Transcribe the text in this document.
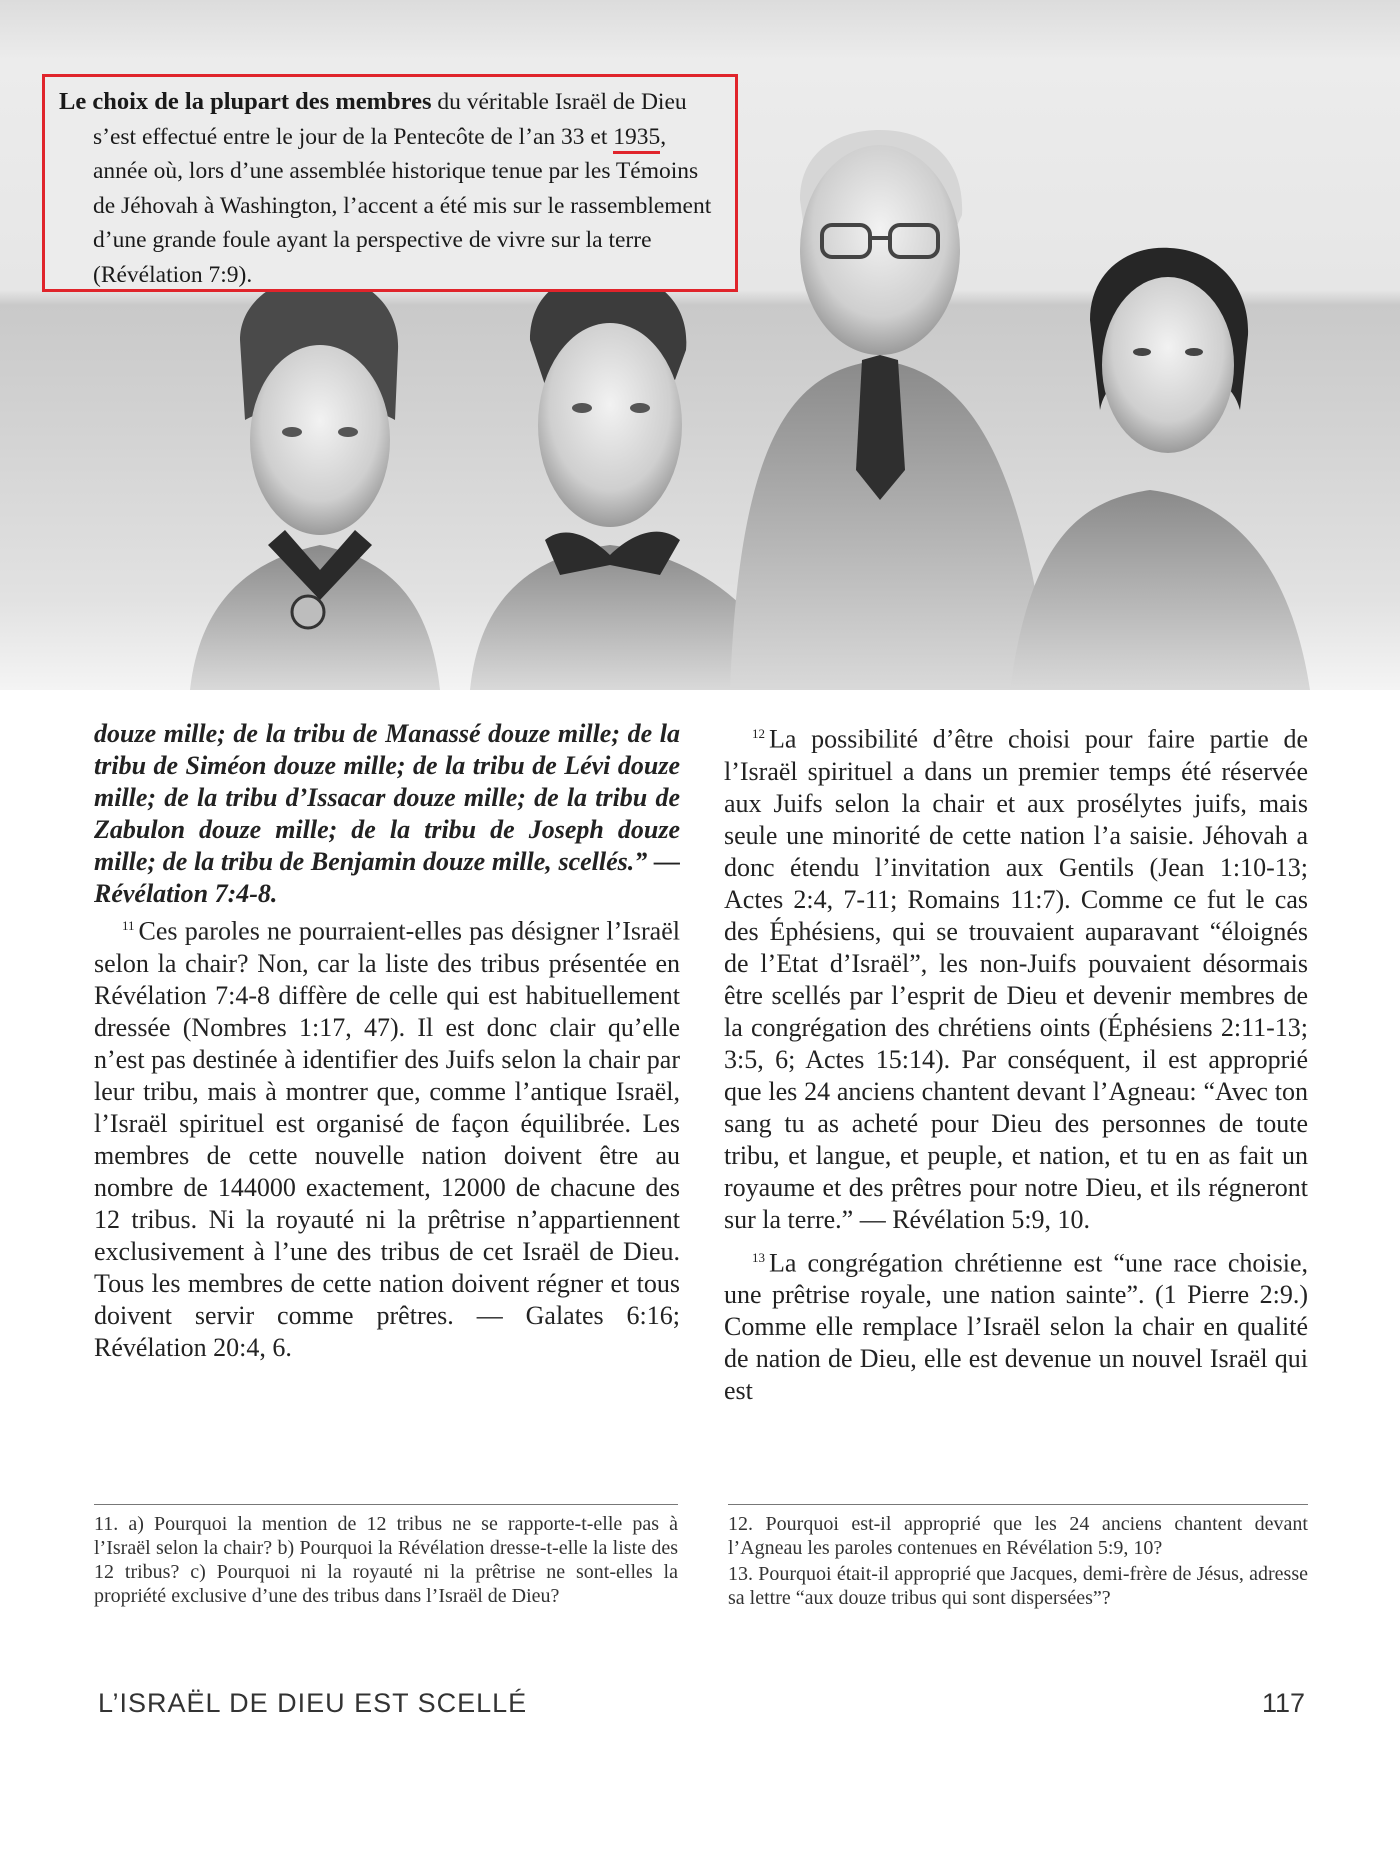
Le choix de la plupart des membres du véritable Israël de Dieu s’est effectué entre le jour de la Pentecôte de l’an 33 et 1935, année où, lors d’une assemblée historique tenue par les Témoins de Jéhovah à Washington, l’accent a été mis sur le rassemblement d’une grande foule ayant la perspective de vivre sur la terre (Révélation 7:9).

douze mille; de la tribu de Manassé douze mille; de la tribu de Siméon douze mille; de la tribu de Lévi douze mille; de la tribu d’Issacar douze mille; de la tribu de Zabulon douze mille; de la tribu de Joseph douze mille; de la tribu de Benjamin douze mille, scellés.” — Révélation 7:4-8.

$^{11}$ Ces paroles ne pourraient-elles pas désigner l’Israël selon la chair? Non, car la liste des tribus présentée en Révélation 7:4-8 diffère de celle qui est habituellement dressée (Nombres 1:17, 47). Il est donc clair qu’elle n’est pas destinée à identifier des Juifs selon la chair par leur tribu, mais à montrer que, comme l’antique Israël, l’Israël spirituel est organisé de façon équilibrée. Les membres de cette nouvelle nation doivent être au nombre de 144000 exactement, 12000 de chacune des 12 tribus. Ni la royauté ni la prêtrise n’appartiennent exclusivement à l’une des tribus de cet Israël de Dieu. Tous les membres de cette nation doivent régner et tous doivent servir comme prêtres. — Galates 6:16; Révélation 20:4, 6.

$^{12}$ La possibilité d’être choisi pour faire partie de l’Israël spirituel a dans un premier temps été réservée aux Juifs selon la chair et aux prosélytes juifs, mais seule une minorité de cette nation l’a saisie. Jéhovah a donc étendu l’invitation aux Gentils (Jean 1:10-13; Actes 2:4, 7-11; Romains 11:7). Comme ce fut le cas des Éphésiens, qui se trouvaient auparavant “éloignés de l’Etat d’Israël”, les non-Juifs pouvaient désormais être scellés par l’esprit de Dieu et devenir membres de la congrégation des chrétiens oints (Éphésiens 2:11-13; 3:5, 6; Actes 15:14). Par conséquent, il est approprié que les 24 anciens chantent devant l’Agneau: “Avec ton sang tu as acheté pour Dieu des personnes de toute tribu, et langue, et peuple, et nation, et tu en as fait un royaume et des prêtres pour notre Dieu, et ils régneront sur la terre.” — Révélation 5:9, 10.

$^{13}$ La congrégation chrétienne est “une race choisie, une prêtrise royale, une nation sainte”. (1 Pierre 2:9.) Comme elle remplace l’Israël selon la chair en qualité de nation de Dieu, elle est devenue un nouvel Israël qui est

11. a) Pourquoi la mention de 12 tribus ne se rapporte-t-elle pas à l’Israël selon la chair? b) Pourquoi la Révélation dresse-t-elle la liste des 12 tribus? c) Pourquoi ni la royauté ni la prêtrise ne sont-elles la propriété exclusive d’une des tribus dans l’Israël de Dieu?

12. Pourquoi est-il approprié que les 24 anciens chantent devant l’Agneau les paroles contenues en Révélation 5:9, 10?

13. Pourquoi était-il approprié que Jacques, demi-frère de Jésus, adresse sa lettre “aux douze tribus qui sont dispersées”?

L’ISRAËL DE DIEU EST SCELLÉ	117
